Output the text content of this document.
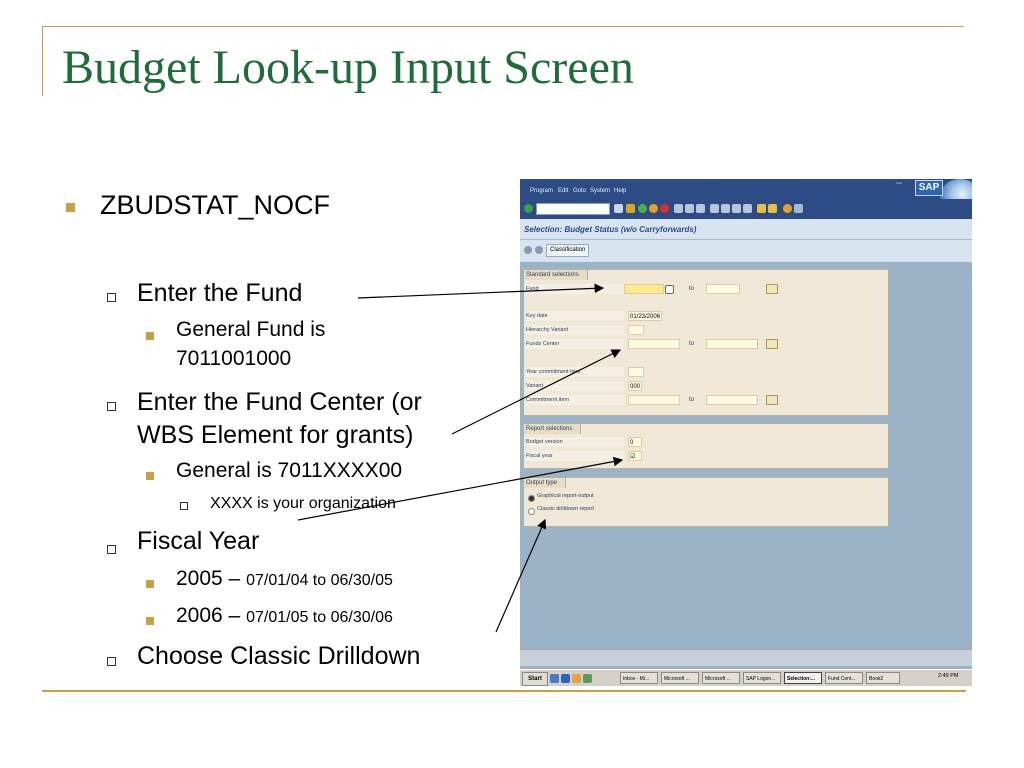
Budget Look-up Input Screen
ZBUDSTAT_NOCF
Enter the Fund
General Fund is
7011001000
Enter the Fund Center (or
WBS Element for grants)
General is 7011XXXX00
XXXX is your organization
Fiscal Year
2005 – 07/01/04 to 06/30/05
2006 – 07/01/05 to 06/30/06
Choose Classic Drilldown
Program Edit Goto System Help
▫▫▫	SAP
Selection: Budget Status (w/o Carryforwards)
Classification
Standard selections
Fund	to
Key date	01/23/2006
Hierarchy Variant
Funds Center	to
Year commitment item
Variant	000
Commitment item	to
Report selections
Budget version	0
Fiscal year	☑
Output type
Graphical report-output
Classic drilldown report
Start	Inbox - Mi...	Microsoft ...	Microsoft ...	SAP Logon...	Selection:...	Fund Cent...	Book2	2:49 PM
